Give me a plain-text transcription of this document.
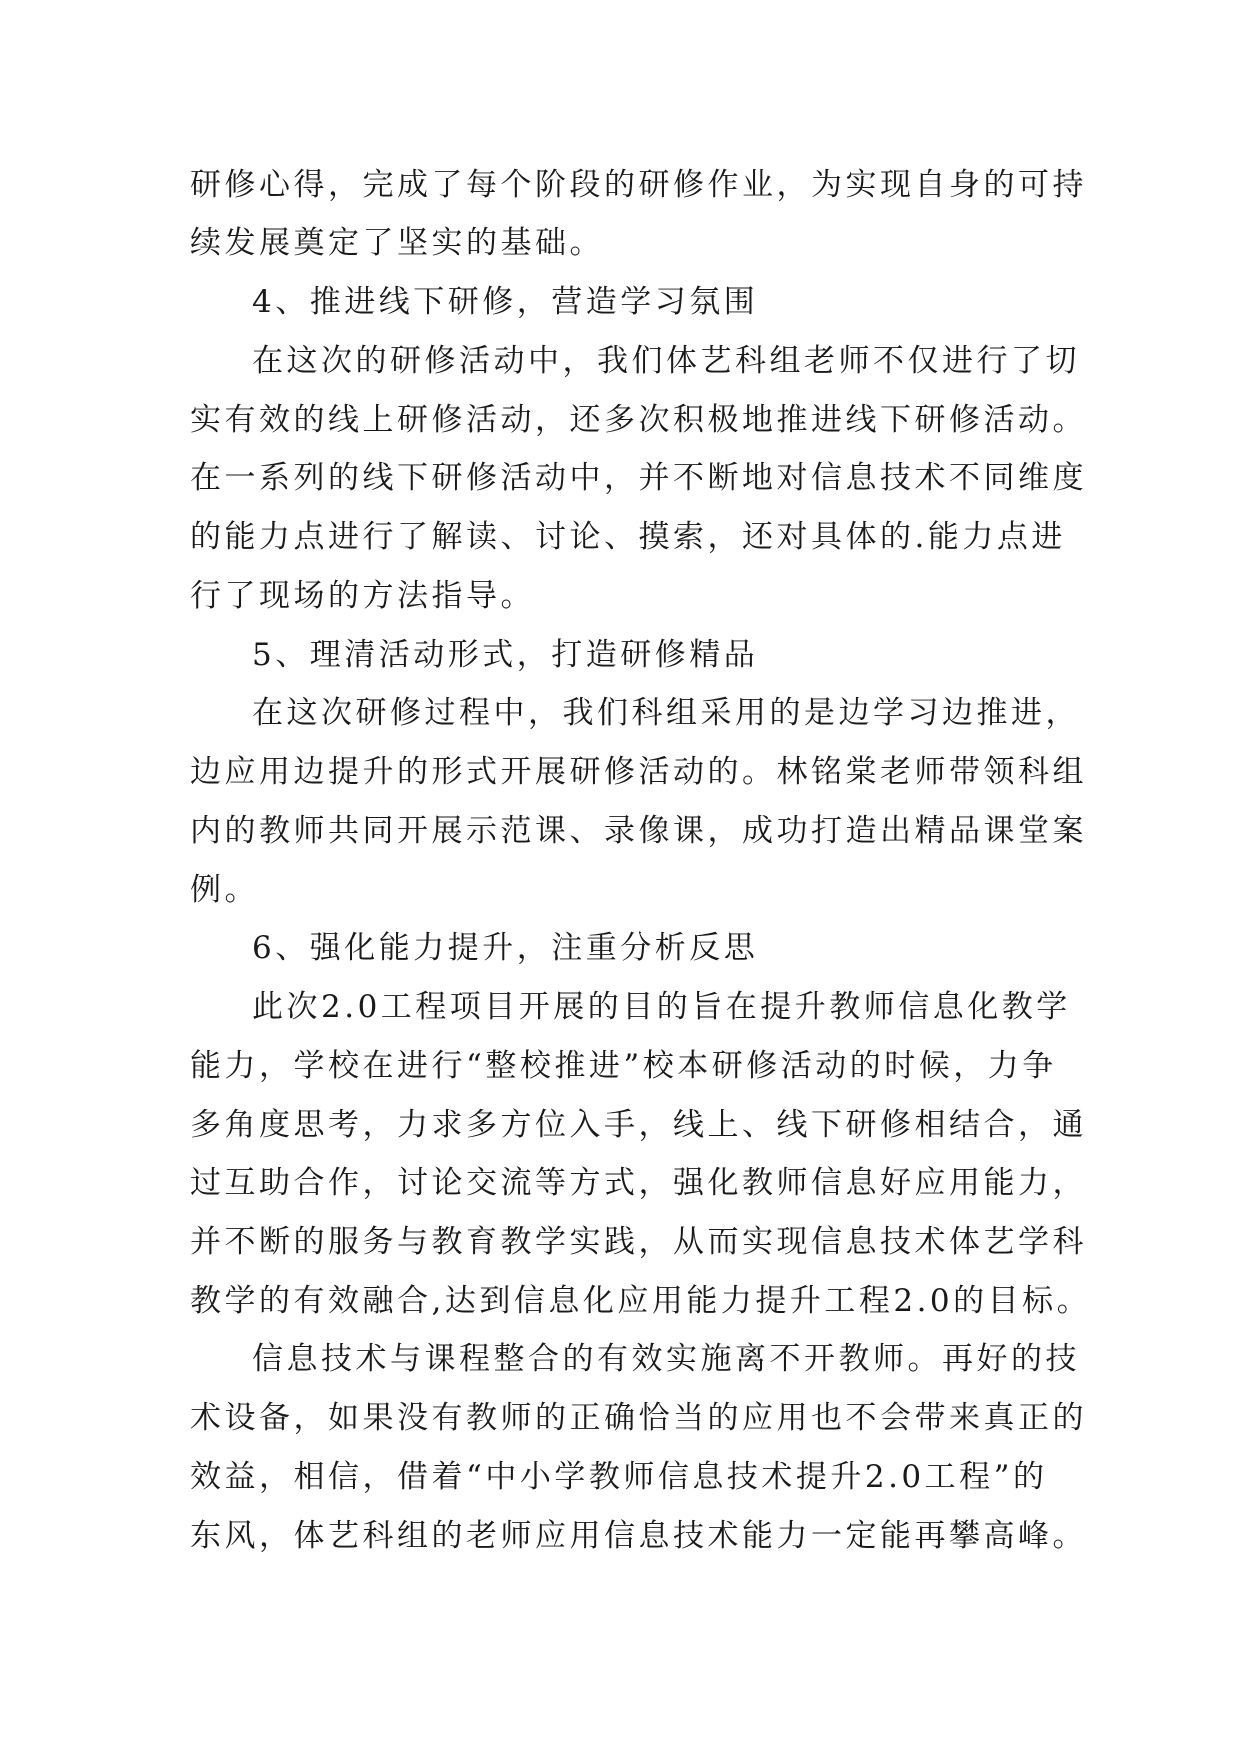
研修心得，完成了每个阶段的研修作业，为实现自身的可持
续发展奠定了坚实的基础。
4、推进线下研修，营造学习氛围
在这次的研修活动中，我们体艺科组老师不仅进行了切
实有效的线上研修活动，还多次积极地推进线下研修活动。
在一系列的线下研修活动中，并不断地对信息技术不同维度
的能力点进行了解读、讨论、摸索，还对具体的.能力点进
行了现场的方法指导。
5、理清活动形式，打造研修精品
在这次研修过程中，我们科组采用的是边学习边推进，
边应用边提升的形式开展研修活动的。林铭棠老师带领科组
内的教师共同开展示范课、录像课，成功打造出精品课堂案
例。
6、强化能力提升，注重分析反思
此次2.0工程项目开展的目的旨在提升教师信息化教学
能力，学校在进行“整校推进”校本研修活动的时候，力争
多角度思考，力求多方位入手，线上、线下研修相结合，通
过互助合作，讨论交流等方式，强化教师信息好应用能力，
并不断的服务与教育教学实践，从而实现信息技术体艺学科
教学的有效融合,达到信息化应用能力提升工程2.0的目标。
信息技术与课程整合的有效实施离不开教师。再好的技
术设备，如果没有教师的正确恰当的应用也不会带来真正的
效益，相信，借着“中小学教师信息技术提升2.0工程”的
东风，体艺科组的老师应用信息技术能力一定能再攀高峰。
